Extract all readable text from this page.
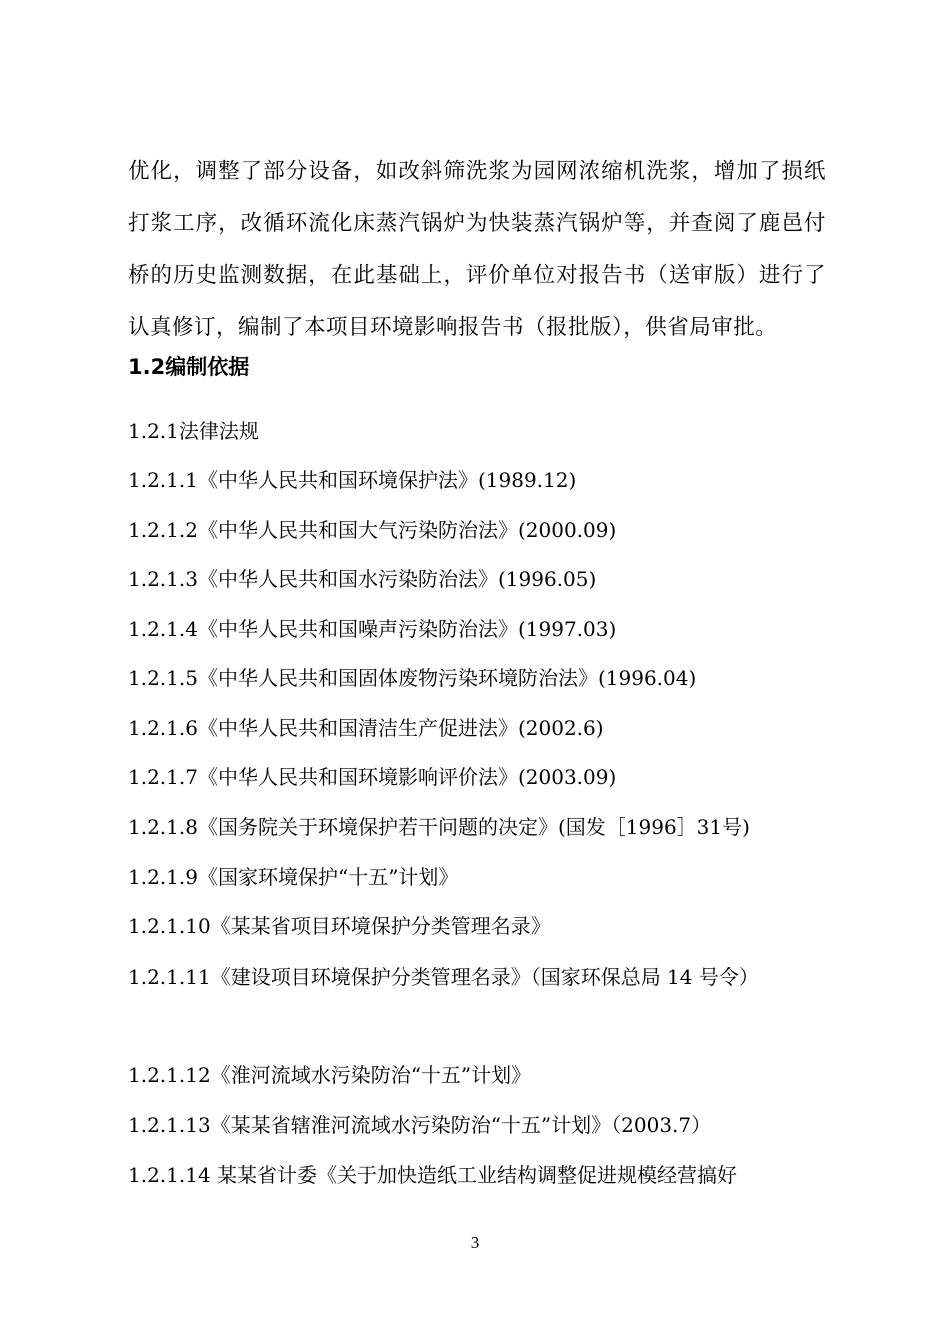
优化，调整了部分设备，如改斜筛洗浆为园网浓缩机洗浆，增加了损纸打浆工序，改循环流化床蒸汽锅炉为快装蒸汽锅炉等，并查阅了鹿邑付桥的历史监测数据，在此基础上，评价单位对报告书（送审版）进行了认真修订，编制了本项目环境影响报告书（报批版），供省局审批。
1.2编制依据
1.2.1法律法规
1.2.1.1《中华人民共和国环境保护法》(1989.12)
1.2.1.2《中华人民共和国大气污染防治法》(2000.09)
1.2.1.3《中华人民共和国水污染防治法》(1996.05)
1.2.1.4《中华人民共和国噪声污染防治法》(1997.03)
1.2.1.5《中华人民共和国固体废物污染环境防治法》(1996.04)
1.2.1.6《中华人民共和国清洁生产促进法》(2002.6)
1.2.1.7《中华人民共和国环境影响评价法》(2003.09)
1.2.1.8《国务院关于环境保护若干问题的决定》(国发［1996］31号)
1.2.1.9《国家环境保护“十五”计划》
1.2.1.10《某某省项目环境保护分类管理名录》
1.2.1.11《建设项目环境保护分类管理名录》（国家环保总局 14 号令）
1.2.1.12《淮河流域水污染防治“十五”计划》
1.2.1.13《某某省辖淮河流域水污染防治“十五”计划》（2003.7）
1.2.1.14 某某省计委《关于加快造纸工业结构调整促进规模经营搞好
3
